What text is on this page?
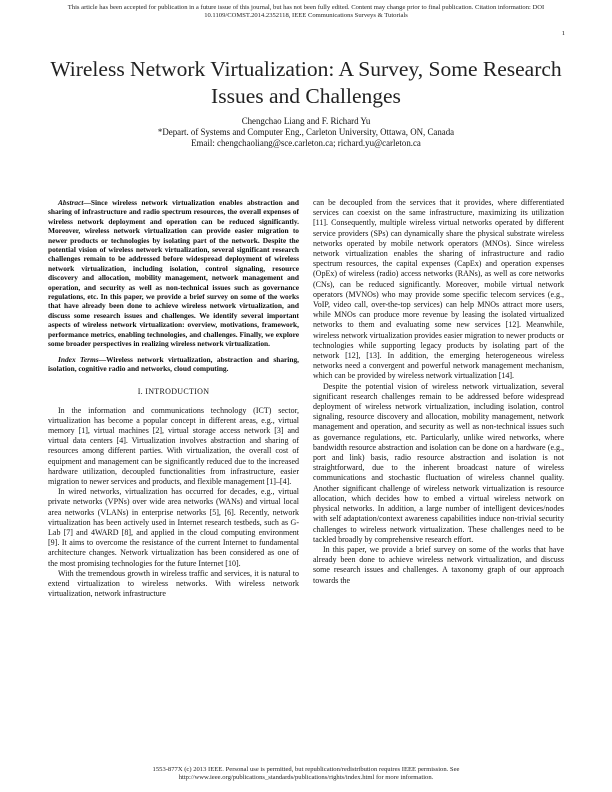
This article has been accepted for publication in a future issue of this journal, but has not been fully edited. Content may change prior to final publication. Citation information: DOI
10.1109/COMST.2014.2352118, IEEE Communications Surveys & Tutorials
1
Wireless Network Virtualization: A Survey, Some Research Issues and Challenges
Chengchao Liang and F. Richard Yu
*Depart. of Systems and Computer Eng., Carleton University, Ottawa, ON, Canada
Email: chengchaoliang@sce.carleton.ca; richard.yu@carleton.ca

Abstract—Since wireless network virtualization enables abstraction and sharing of infrastructure and radio spectrum resources, the overall expenses of wireless network deployment and operation can be reduced significantly. Moreover, wireless network virtualization can provide easier migration to newer products or technologies by isolating part of the network. Despite the potential vision of wireless network virtualization, several significant research challenges remain to be addressed before widespread deployment of wireless network virtualization, including isolation, control signaling, resource discovery and allocation, mobility management, network management and operation, and security as well as non-technical issues such as governance regulations, etc. In this paper, we provide a brief survey on some of the works that have already been done to achieve wireless network virtualization, and discuss some research issues and challenges. We identify several important aspects of wireless network virtualization: overview, motivations, framework, performance metrics, enabling technologies, and challenges. Finally, we explore some broader perspectives in realizing wireless network virtualization.

Index Terms—Wireless network virtualization, abstraction and sharing, isolation, cognitive radio and networks, cloud computing.

I. INTRODUCTION

In the information and communications technology (ICT) sector, virtualization has become a popular concept in different areas, e.g., virtual memory [1], virtual machines [2], virtual storage access network [3] and virtual data centers [4]. Virtualization involves abstraction and sharing of resources among different parties. With virtualization, the overall cost of equipment and management can be significantly reduced due to the increased hardware utilization, decoupled functionalities from infrastructure, easier migration to newer services and products, and flexible management [1]–[4].

In wired networks, virtualization has occurred for decades, e.g., virtual private networks (VPNs) over wide area networks (WANs) and virtual local area networks (VLANs) in enterprise networks [5], [6]. Recently, network virtualization has been actively used in Internet research testbeds, such as G-Lab [7] and 4WARD [8], and applied in the cloud computing environment [9]. It aims to overcome the resistance of the current Internet to fundamental architecture changes. Network virtualization has been considered as one of the most promising technologies for the future Internet [10].

With the tremendous growth in wireless traffic and services, it is natural to extend virtualization to wireless networks. With wireless network virtualization, network infrastructure

can be decoupled from the services that it provides, where differentiated services can coexist on the same infrastructure, maximizing its utilization [11]. Consequently, multiple wireless virtual networks operated by different service providers (SPs) can dynamically share the physical substrate wireless networks operated by mobile network operators (MNOs). Since wireless network virtualization enables the sharing of infrastructure and radio spectrum resources, the capital expenses (CapEx) and operation expenses (OpEx) of wireless (radio) access networks (RANs), as well as core networks (CNs), can be reduced significantly. Moreover, mobile virtual network operators (MVNOs) who may provide some specific telecom services (e.g., VoIP, video call, over-the-top services) can help MNOs attract more users, while MNOs can produce more revenue by leasing the isolated virtualized networks to them and evaluating some new services [12]. Meanwhile, wireless network virtualization provides easier migration to newer products or technologies while supporting legacy products by isolating part of the network [12], [13]. In addition, the emerging heterogeneous wireless networks need a convergent and powerful network management mechanism, which can be provided by wireless network virtualization [14].

Despite the potential vision of wireless network virtualization, several significant research challenges remain to be addressed before widespread deployment of wireless network virtualization, including isolation, control signaling, resource discovery and allocation, mobility management, network management and operation, and security as well as non-technical issues such as governance regulations, etc. Particularly, unlike wired networks, where bandwidth resource abstraction and isolation can be done on a hardware (e.g., port and link) basis, radio resource abstraction and isolation is not straightforward, due to the inherent broadcast nature of wireless communications and stochastic fluctuation of wireless channel quality. Another significant challenge of wireless network virtualization is resource allocation, which decides how to embed a virtual wireless network on physical networks. In addition, a large number of intelligent devices/nodes with self adaptation/context awareness capabilities induce non-trivial security challenges to wireless network virtualization. These challenges need to be tackled broadly by comprehensive research effort.

In this paper, we provide a brief survey on some of the works that have already been done to achieve wireless network virtualization, and discuss some research issues and challenges. A taxonomy graph of our approach towards the

1553-877X (c) 2013 IEEE. Personal use is permitted, but republication/redistribution requires IEEE permission. See
http://www.ieee.org/publications_standards/publications/rights/index.html for more information.
